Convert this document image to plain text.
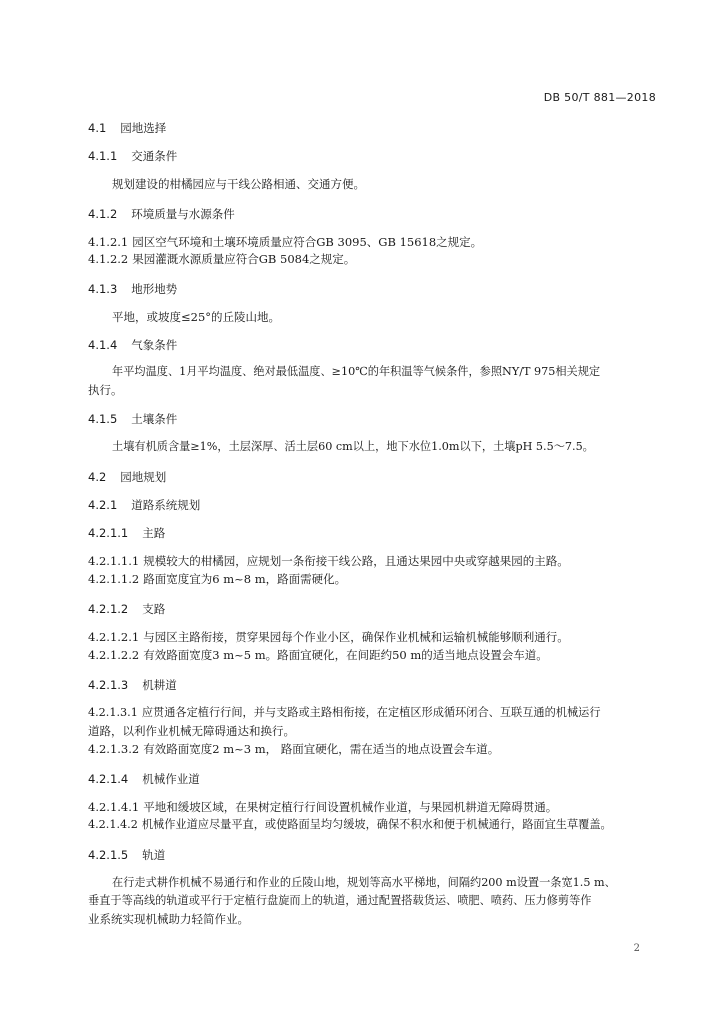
DB 50/T 881—2018
4.1 园地选择
4.1.1 交通条件
规划建设的柑橘园应与干线公路相通、交通方便。
4.1.2 环境质量与水源条件
4.1.2.1 园区空气环境和土壤环境质量应符合GB 3095、GB 15618之规定。
4.1.2.2 果园灌溉水源质量应符合GB 5084之规定。
4.1.3 地形地势
平地，或坡度≤25°的丘陵山地。
4.1.4 气象条件
年平均温度、1月平均温度、绝对最低温度、≥10℃的年积温等气候条件，参照NY/T 975相关规定
执行。
4.1.5 土壤条件
土壤有机质含量≥1%，土层深厚、活土层60 cm以上，地下水位1.0m以下，土壤pH 5.5～7.5。
4.2 园地规划
4.2.1 道路系统规划
4.2.1.1 主路
4.2.1.1.1 规模较大的柑橘园，应规划一条衔接干线公路，且通达果园中央或穿越果园的主路。
4.2.1.1.2 路面宽度宜为6 m~8 m，路面需硬化。
4.2.1.2 支路
4.2.1.2.1 与园区主路衔接，贯穿果园每个作业小区，确保作业机械和运输机械能够顺利通行。
4.2.1.2.2 有效路面宽度3 m~5 m。路面宜硬化，在间距约50 m的适当地点设置会车道。
4.2.1.3 机耕道
4.2.1.3.1 应贯通各定植行行间，并与支路或主路相衔接，在定植区形成循环闭合、互联互通的机械运行
道路，以利作业机械无障碍通达和换行。
4.2.1.3.2 有效路面宽度2 m~3 m， 路面宜硬化，需在适当的地点设置会车道。
4.2.1.4 机械作业道
4.2.1.4.1 平地和缓坡区域，在果树定植行行间设置机械作业道，与果园机耕道无障碍贯通。
4.2.1.4.2 机械作业道应尽量平直，或使路面呈均匀缓坡，确保不积水和便于机械通行，路面宜生草覆盖。
4.2.1.5 轨道
在行走式耕作机械不易通行和作业的丘陵山地，规划等高水平梯地，间隔约200 m设置一条宽1.5 m、
垂直于等高线的轨道或平行于定植行盘旋而上的轨道，通过配置搭载货运、喷肥、喷药、压力修剪等作
业系统实现机械助力轻简作业。
2
